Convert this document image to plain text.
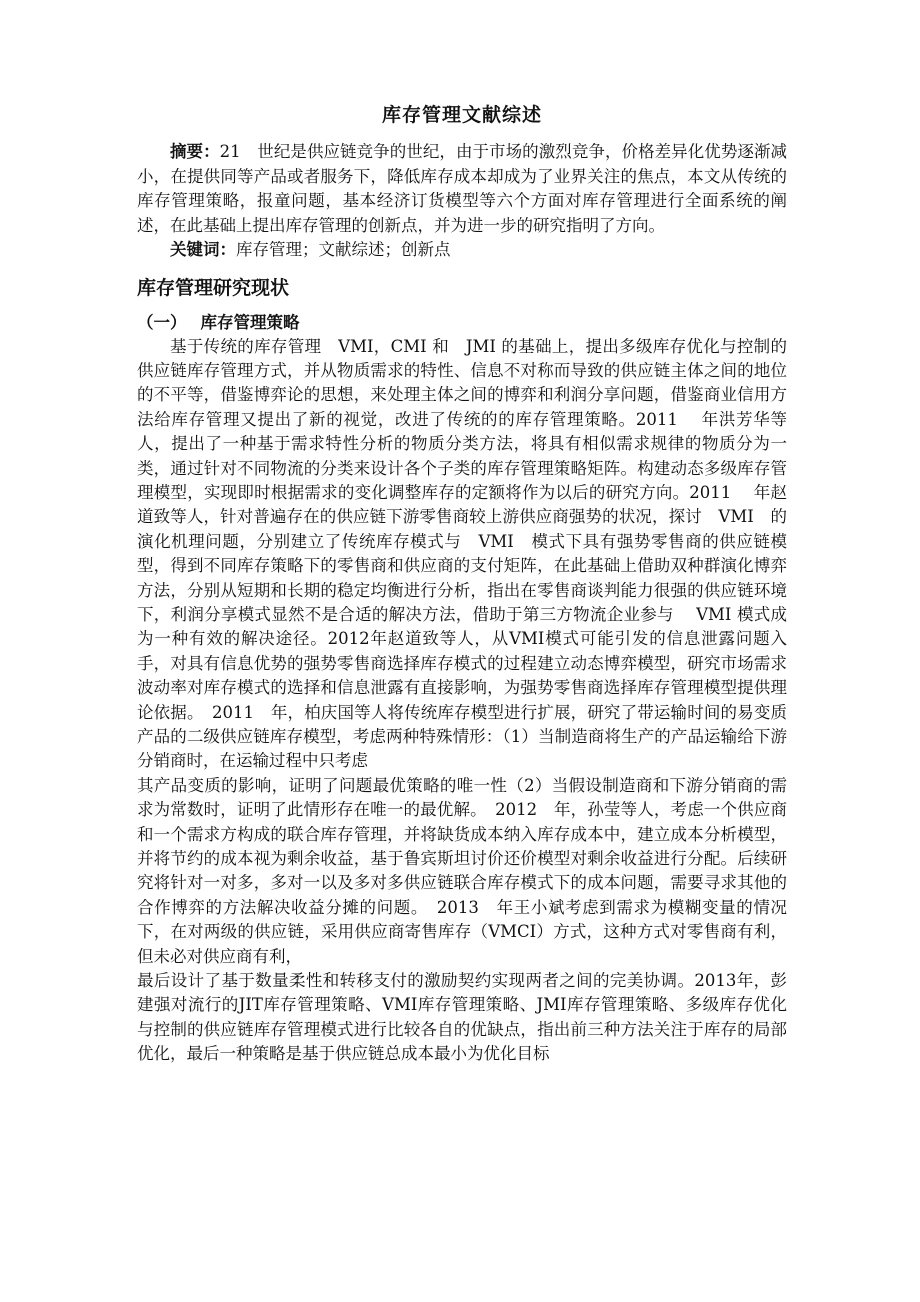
库存管理文献综述

摘要：21　世纪是供应链竞争的世纪，由于市场的激烈竞争，价格差异化优势逐渐减小，在提供同等产品或者服务下，降低库存成本却成为了业界关注的焦点，本文从传统的库存管理策略，报童问题，基本经济订货模型等六个方面对库存管理进行全面系统的阐述，在此基础上提出库存管理的创新点，并为进一步的研究指明了方向。

关键词：库存管理；文献综述；创新点

库存管理研究现状
（一） 库存管理策略

基于传统的库存管理　VMI，CMI 和　JMI 的基础上，提出多级库存优化与控制的供应链库存管理方式，并从物质需求的特性、信息不对称而导致的供应链主体之间的地位的不平等，借鉴博弈论的思想，来处理主体之间的博弈和利润分享问题，借鉴商业信用方法给库存管理又提出了新的视觉，改进了传统的的库存管理策略。2011　 年洪芳华等人，提出了一种基于需求特性分析的物质分类方法，将具有相似需求规律的物质分为一类，通过针对不同物流的分类来设计各个子类的库存管理策略矩阵。构建动态多级库存管理模型，实现即时根据需求的变化调整库存的定额将作为以后的研究方向。2011　 年赵道致等人，针对普遍存在的供应链下游零售商较上游供应商强势的状况，探讨　VMI　的演化机理问题，分别建立了传统库存模式与　VMI　模式下具有强势零售商的供应链模型，得到不同库存策略下的零售商和供应商的支付矩阵，在此基础上借助双种群演化博弈方法，分别从短期和长期的稳定均衡进行分析，指出在零售商谈判能力很强的供应链环境下，利润分享模式显然不是合适的解决方法，借助于第三方物流企业参与　 VMI 模式成为一种有效的解决途径。2012年赵道致等人，从VMI模式可能引发的信息泄露问题入手，对具有信息优势的强势零售商选择库存模式的过程建立动态博弈模型，研究市场需求波动率对库存模式的选择和信息泄露有直接影响，为强势零售商选择库存管理模型提供理论依据。　2011　年，柏庆国等人将传统库存模型进行扩展，研究了带运输时间的易变质产品的二级供应链库存模型，考虑两种特殊情形：（1）当制造商将生产的产品运输给下游分销商时，在运输过程中只考虑

其产品变质的影响，证明了问题最优策略的唯一性（2）当假设制造商和下游分销商的需求为常数时，证明了此情形存在唯一的最优解。　2012　年，孙莹等人，考虑一个供应商和一个需求方构成的联合库存管理，并将缺货成本纳入库存成本中，建立成本分析模型，并将节约的成本视为剩余收益，基于鲁宾斯坦讨价还价模型对剩余收益进行分配。后续研究将针对一对多，多对一以及多对多供应链联合库存模式下的成本问题，需要寻求其他的合作博弈的方法解决收益分摊的问题。　2013　年王小斌考虑到需求为模糊变量的情况下，在对两级的供应链，采用供应商寄售库存（VMCI）方式，这种方式对零售商有利，但未必对供应商有利，

最后设计了基于数量柔性和转移支付的激励契约实现两者之间的完美协调。2013年，彭建强对流行的JIT库存管理策略、VMI库存管理策略、JMI库存管理策略、多级库存优化与控制的供应链库存管理模式进行比较各自的优缺点，指出前三种方法关注于库存的局部优化，最后一种策略是基于供应链总成本最小为优化目标
